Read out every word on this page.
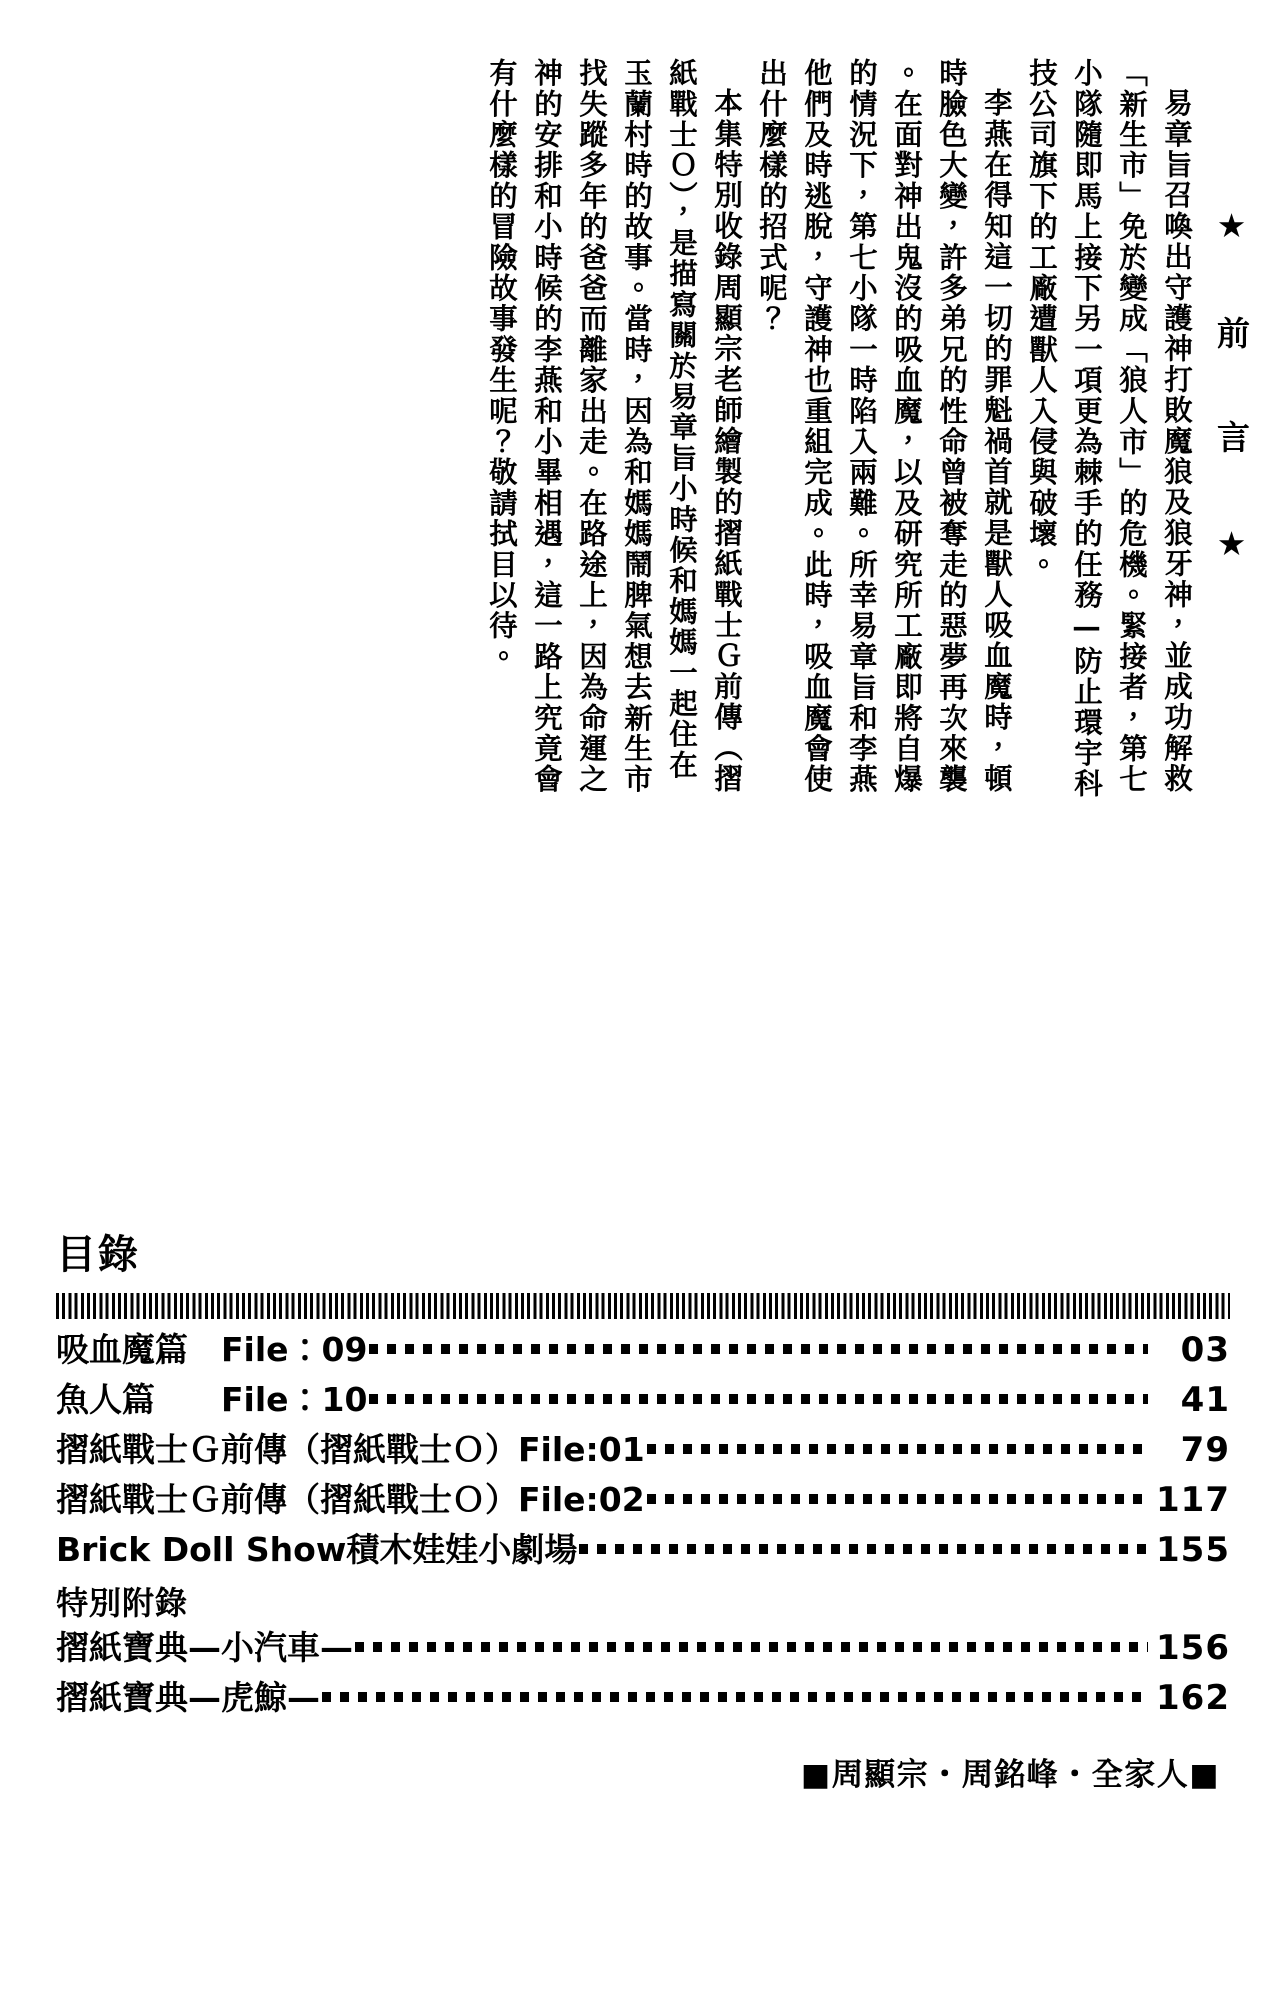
★ 前 言 ★
易章旨召喚出守護神打敗魔狼及狼牙神，並成功解救
「新生市」免於變成「狼人市」的危機。緊接者，第七
小隊隨即馬上接下另一項更為棘手的任務—防止環宇科
技公司旗下的工廠遭獸人入侵與破壞。
李燕在得知這一切的罪魁禍首就是獸人吸血魔時，頓
時臉色大變，許多弟兄的性命曾被奪走的惡夢再次來襲
。在面對神出鬼沒的吸血魔，以及研究所工廠即將自爆
的情況下，第七小隊一時陷入兩難。所幸易章旨和李燕
他們及時逃脫，守護神也重組完成。此時，吸血魔會使
出什麼樣的招式呢？
本集特別收錄周顯宗老師繪製的摺紙戰士Ｇ前傳（摺
紙戰士Ｏ），是描寫關於易章旨小時候和媽媽一起住在
玉蘭村時的故事。當時，因為和媽媽鬧脾氣想去新生市
找失蹤多年的爸爸而離家出走。在路途上，因為命運之
神的安排和小時候的李燕和小畢相遇，這一路上究竟會
有什麼樣的冒險故事發生呢？敬請拭目以待。
目錄
吸血魔篇　File：09	03
魚人篇　　File：10	41
摺紙戰士Ｇ前傳（摺紙戰士Ｏ）File:01	79
摺紙戰士Ｇ前傳（摺紙戰士Ｏ）File:02	117
Brick Doll Show積木娃娃小劇場	155
特別附錄
摺紙寶典—小汽車—	156
摺紙寶典—虎鯨—	162
■周顯宗・周銘峰・全家人■
